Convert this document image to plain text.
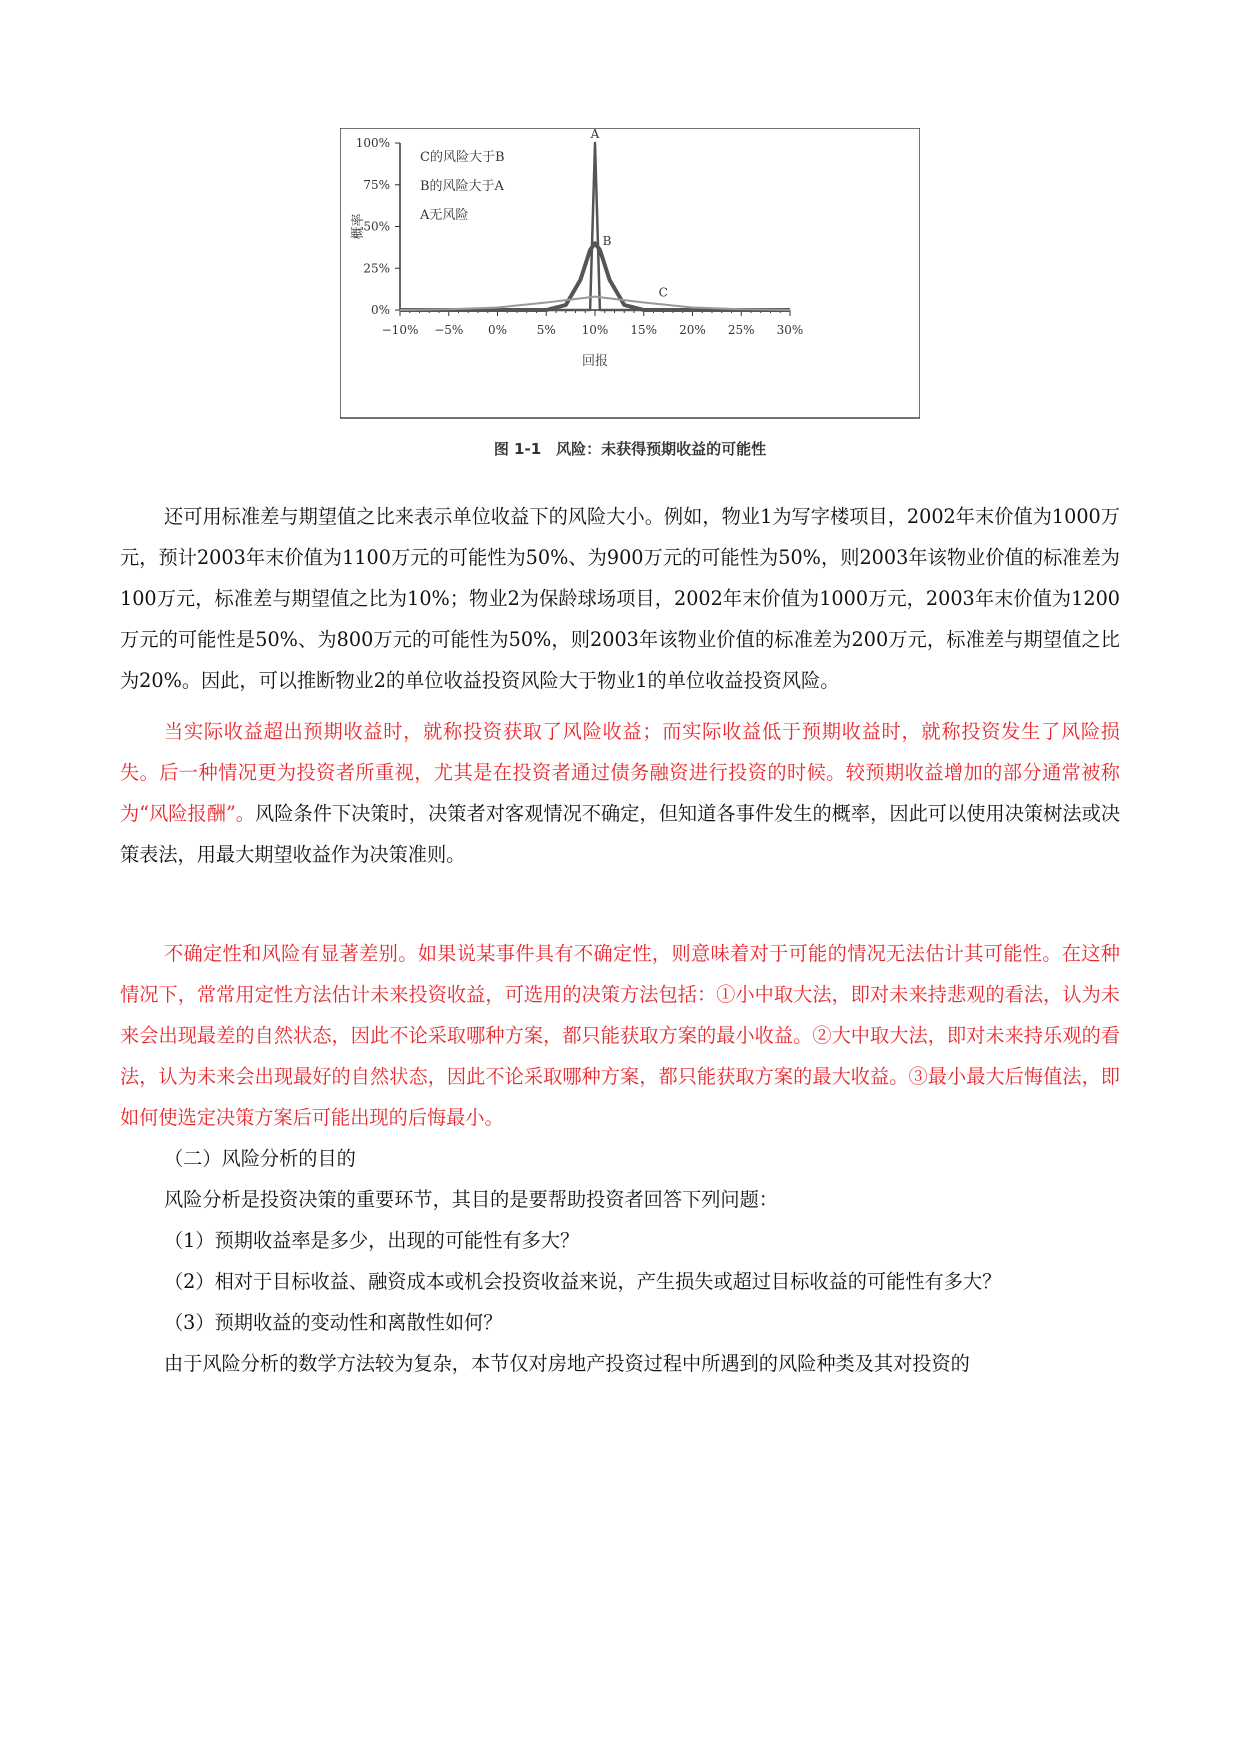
0%
25%
50%
75%
100%
−10% −5% 0% 5% 10% 15% 20% 25% 30%
回报
概率
C的风险大于B
B的风险大于A
A无风险
A
B
C
图 1-1　风险：未获得预期收益的可能性

还可用标准差与期望值之比来表示单位收益下的风险大小。例如，物业1为写字楼项目，2002年末价值为1000万元，预计2003年末价值为1100万元的可能性为50%、为900万元的可能性为50%，则2003年该物业价值的标准差为100万元，标准差与期望值之比为10%；物业2为保龄球场项目，2002年末价值为1000万元，2003年末价值为1200万元的可能性是50%、为800万元的可能性为50%，则2003年该物业价值的标准差为200万元，标准差与期望值之比为20%。因此，可以推断物业2的单位收益投资风险大于物业1的单位收益投资风险。

当实际收益超出预期收益时，就称投资获取了风险收益；而实际收益低于预期收益时，就称投资发生了风险损失。后一种情况更为投资者所重视，尤其是在投资者通过债务融资进行投资的时候。较预期收益增加的部分通常被称为“风险报酬”。风险条件下决策时，决策者对客观情况不确定，但知道各事件发生的概率，因此可以使用决策树法或决策表法，用最大期望收益作为决策准则。

不确定性和风险有显著差别。如果说某事件具有不确定性，则意味着对于可能的情况无法估计其可能性。在这种情况下，常常用定性方法估计未来投资收益，可选用的决策方法包括：①小中取大法，即对未来持悲观的看法，认为未来会出现最差的自然状态，因此不论采取哪种方案，都只能获取方案的最小收益。②大中取大法，即对未来持乐观的看法，认为未来会出现最好的自然状态，因此不论采取哪种方案，都只能获取方案的最大收益。③最小最大后悔值法，即如何使选定决策方案后可能出现的后悔最小。

（二）风险分析的目的

风险分析是投资决策的重要环节，其目的是要帮助投资者回答下列问题：

（1）预期收益率是多少，出现的可能性有多大？

（2）相对于目标收益、融资成本或机会投资收益来说，产生损失或超过目标收益的可能性有多大？

（3）预期收益的变动性和离散性如何？

由于风险分析的数学方法较为复杂，本节仅对房地产投资过程中所遇到的风险种类及其对投资的
